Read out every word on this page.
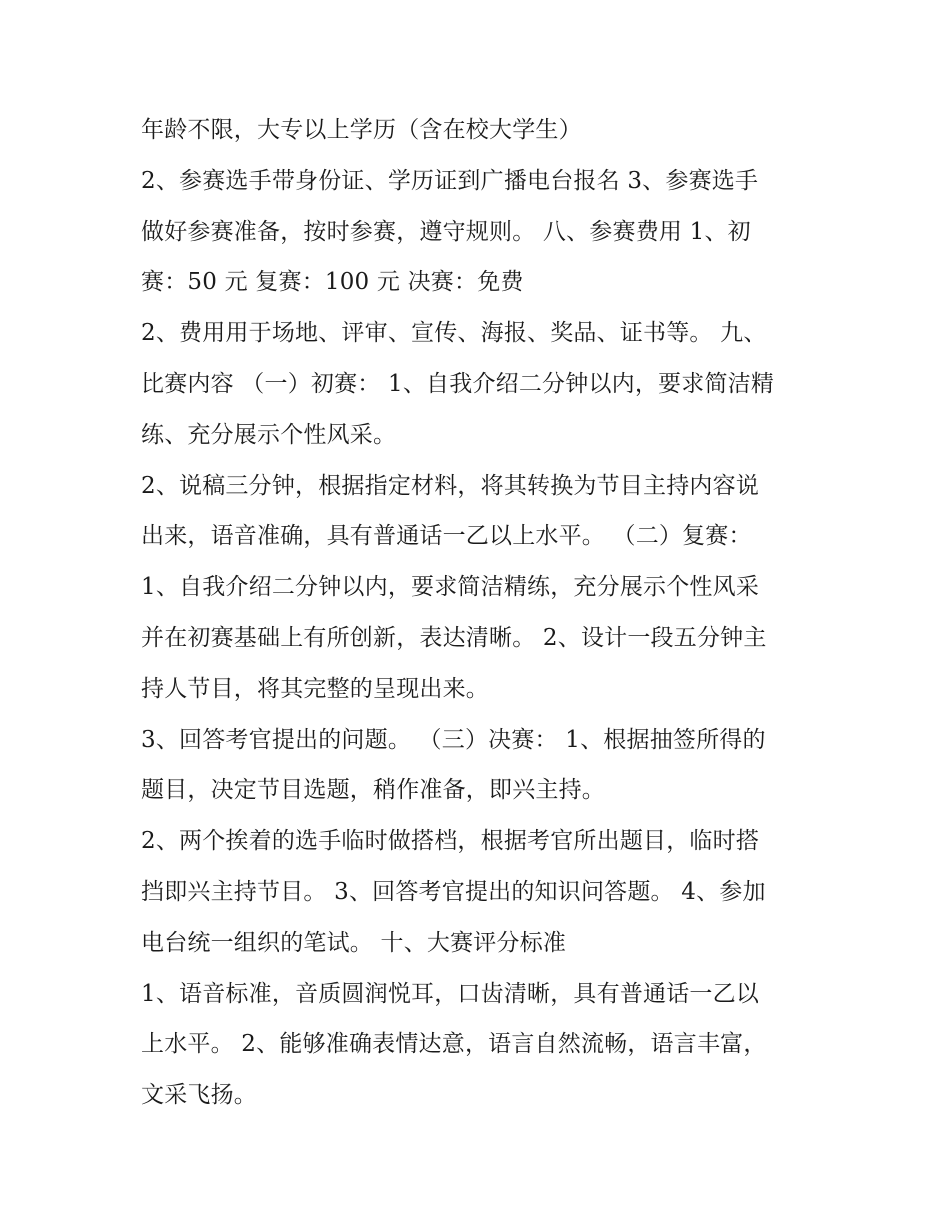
年龄不限，大专以上学历（含在校大学生）
2、参赛选手带身份证、学历证到广播电台报名 3、参赛选手
做好参赛准备，按时参赛，遵守规则。 八、参赛费用 1、初
赛：50 元 复赛：100 元 决赛：免费
2、费用用于场地、评审、宣传、海报、奖品、证书等。 九、
比赛内容 （一）初赛： 1、自我介绍二分钟以内，要求简洁精
练、充分展示个性风采。
2、说稿三分钟，根据指定材料，将其转换为节目主持内容说
出来，语音准确，具有普通话一乙以上水平。 （二）复赛：
1、自我介绍二分钟以内，要求简洁精练，充分展示个性风采
并在初赛基础上有所创新，表达清晰。 2、设计一段五分钟主
持人节目，将其完整的呈现出来。
3、回答考官提出的问题。 （三）决赛： 1、根据抽签所得的
题目，决定节目选题，稍作准备，即兴主持。
2、两个挨着的选手临时做搭档，根据考官所出题目，临时搭
挡即兴主持节目。 3、回答考官提出的知识问答题。 4、参加
电台统一组织的笔试。 十、大赛评分标准
1、语音标准，音质圆润悦耳，口齿清晰，具有普通话一乙以
上水平。 2、能够准确表情达意，语言自然流畅，语言丰富，
文采飞扬。
